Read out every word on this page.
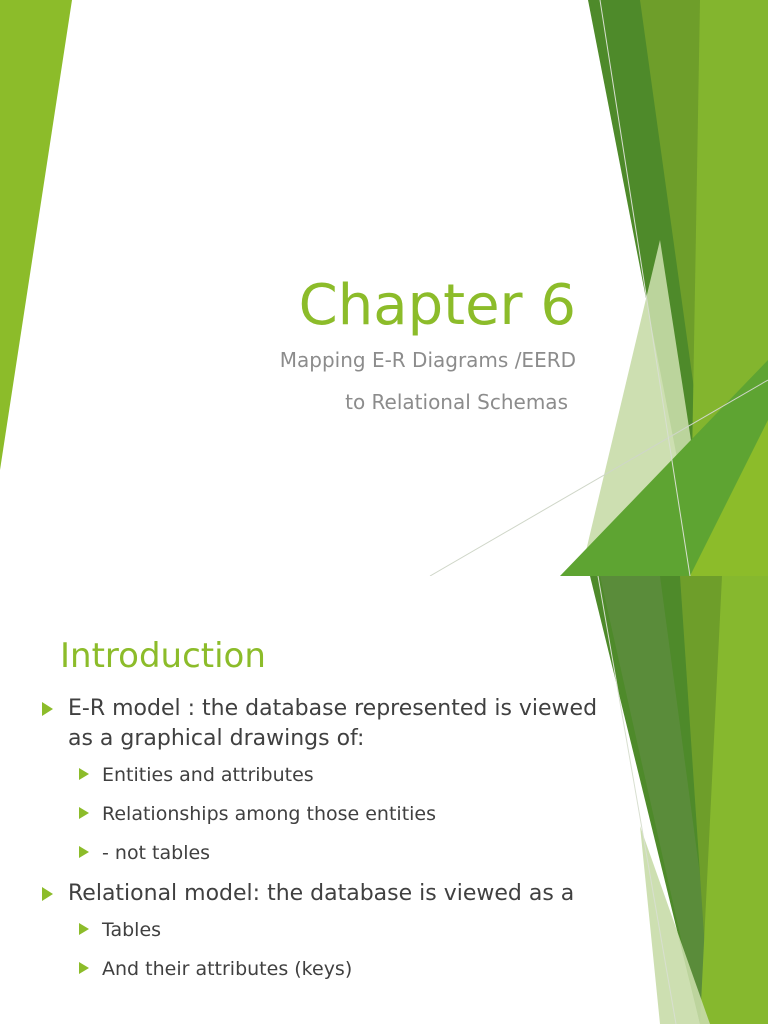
Chapter 6
Mapping E-R Diagrams /EERD
to Relational Schemas
Introduction
E-R model : the database represented is viewed as a graphical drawings of:
Entities and attributes
Relationships among those entities
- not tables
Relational model: the database is viewed as a
Tables
And their attributes (keys)
